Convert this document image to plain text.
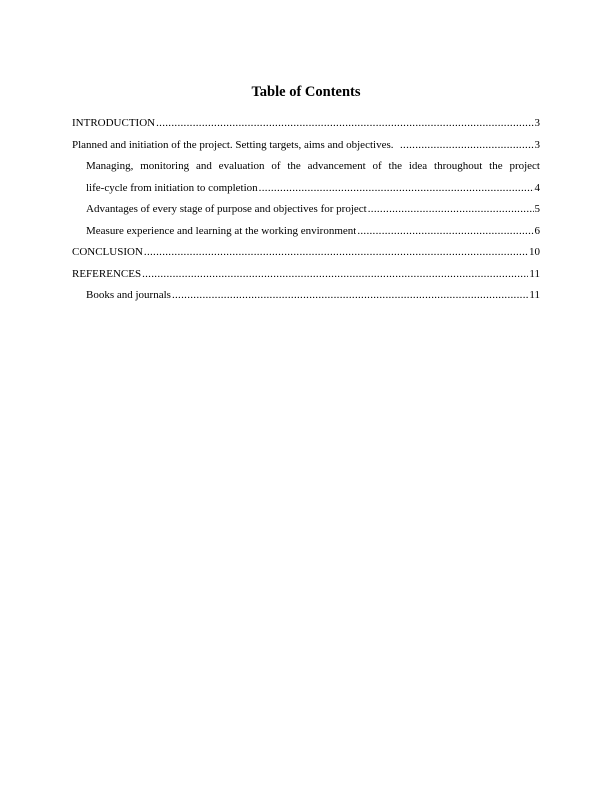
Table of Contents
INTRODUCTION .....	3
Planned and initiation of the project. Setting targets, aims and objectives. .....	3
Managing, monitoring and evaluation of the advancement of the idea throughout the project
life-cycle from initiation to completion .....	4
Advantages of every stage of purpose and objectives for project .....	5
Measure experience and learning at the working environment .....	6
CONCLUSION .....	10
REFERENCES .....	11
Books and journals .....	11
